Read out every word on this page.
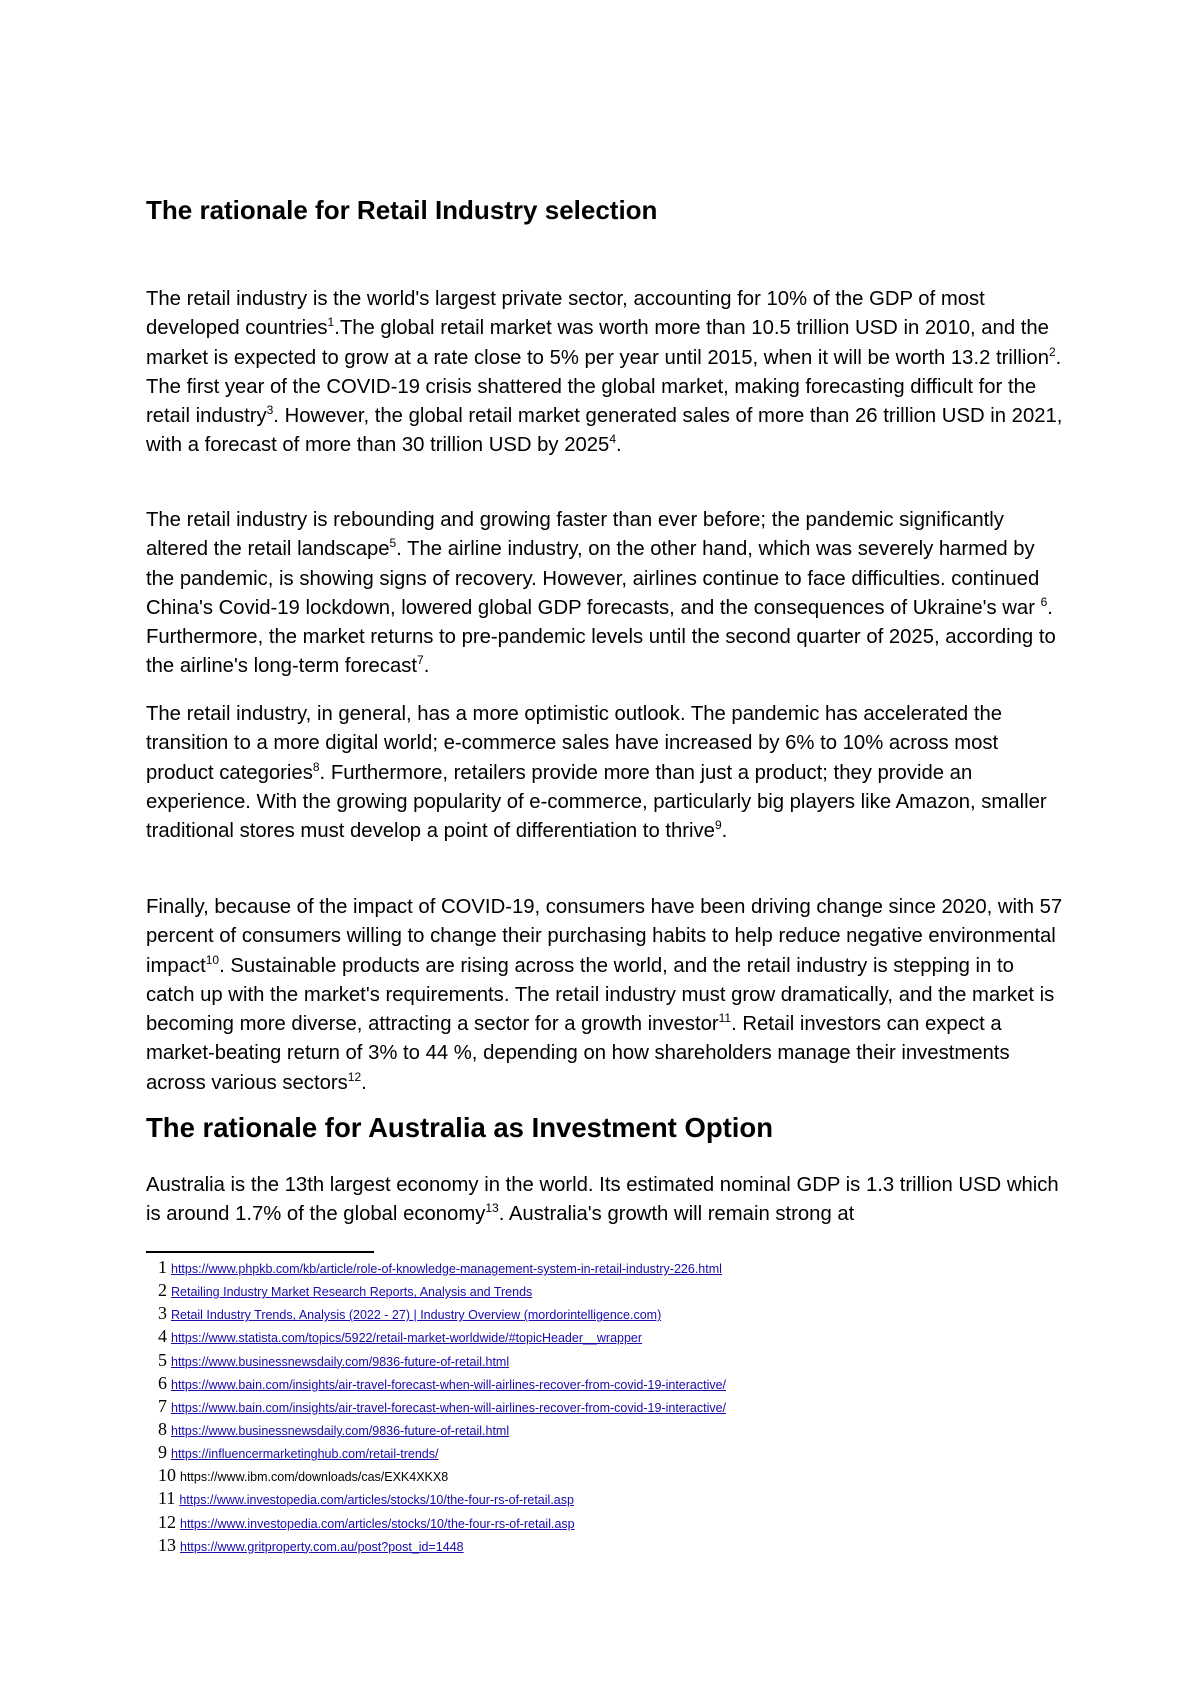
The rationale for Retail Industry selection

The retail industry is the world's largest private sector, accounting for 10% of the GDP of most developed countries$^1$.The global retail market was worth more than 10.5 trillion USD in 2010, and the market is expected to grow at a rate close to 5% per year until 2015, when it will be worth 13.2 trillion$^2$. The first year of the COVID-19 crisis shattered the global market, making forecasting difficult for the retail industry$^3$. However, the global retail market generated sales of more than 26 trillion USD in 2021, with a forecast of more than 30 trillion USD by 2025$^4$.

The retail industry is rebounding and growing faster than ever before; the pandemic significantly altered the retail landscape$^5$. The airline industry, on the other hand, which was severely harmed by the pandemic, is showing signs of recovery. However, airlines continue to face difficulties. continued China's Covid-19 lockdown, lowered global GDP forecasts, and the consequences of Ukraine's war $^6$. Furthermore, the market returns to pre-pandemic levels until the second quarter of 2025, according to the airline's long-term forecast$^7$.

The retail industry, in general, has a more optimistic outlook. The pandemic has accelerated the transition to a more digital world; e-commerce sales have increased by 6% to 10% across most product categories$^8$. Furthermore, retailers provide more than just a product; they provide an experience. With the growing popularity of e-commerce, particularly big players like Amazon, smaller traditional stores must develop a point of differentiation to thrive$^9$.

Finally, because of the impact of COVID-19, consumers have been driving change since 2020, with 57 percent of consumers willing to change their purchasing habits to help reduce negative environmental impact$^{10}$. Sustainable products are rising across the world, and the retail industry is stepping in to catch up with the market's requirements. The retail industry must grow dramatically, and the market is becoming more diverse, attracting a sector for a growth investor$^{11}$. Retail investors can expect a market-beating return of 3% to 44 %, depending on how shareholders manage their investments across various sectors$^{12}$.

The rationale for Australia as Investment Option

Australia is the 13th largest economy in the world. Its estimated nominal GDP is 1.3 trillion USD which is around 1.7% of the global economy$^{13}$. Australia's growth will remain strong at

1 https://www.phpkb.com/kb/article/role-of-knowledge-management-system-in-retail-industry-226.html
2 Retailing Industry Market Research Reports, Analysis and Trends
3 Retail Industry Trends, Analysis (2022 - 27) | Industry Overview (mordorintelligence.com)
4 https://www.statista.com/topics/5922/retail-market-worldwide/#topicHeader__wrapper
5 https://www.businessnewsdaily.com/9836-future-of-retail.html
6 https://www.bain.com/insights/air-travel-forecast-when-will-airlines-recover-from-covid-19-interactive/
7 https://www.bain.com/insights/air-travel-forecast-when-will-airlines-recover-from-covid-19-interactive/
8 https://www.businessnewsdaily.com/9836-future-of-retail.html
9 https://influencermarketinghub.com/retail-trends/
10 https://www.ibm.com/downloads/cas/EXK4XKX8
11 https://www.investopedia.com/articles/stocks/10/the-four-rs-of-retail.asp
12 https://www.investopedia.com/articles/stocks/10/the-four-rs-of-retail.asp
13 https://www.gritproperty.com.au/post?post_id=1448
